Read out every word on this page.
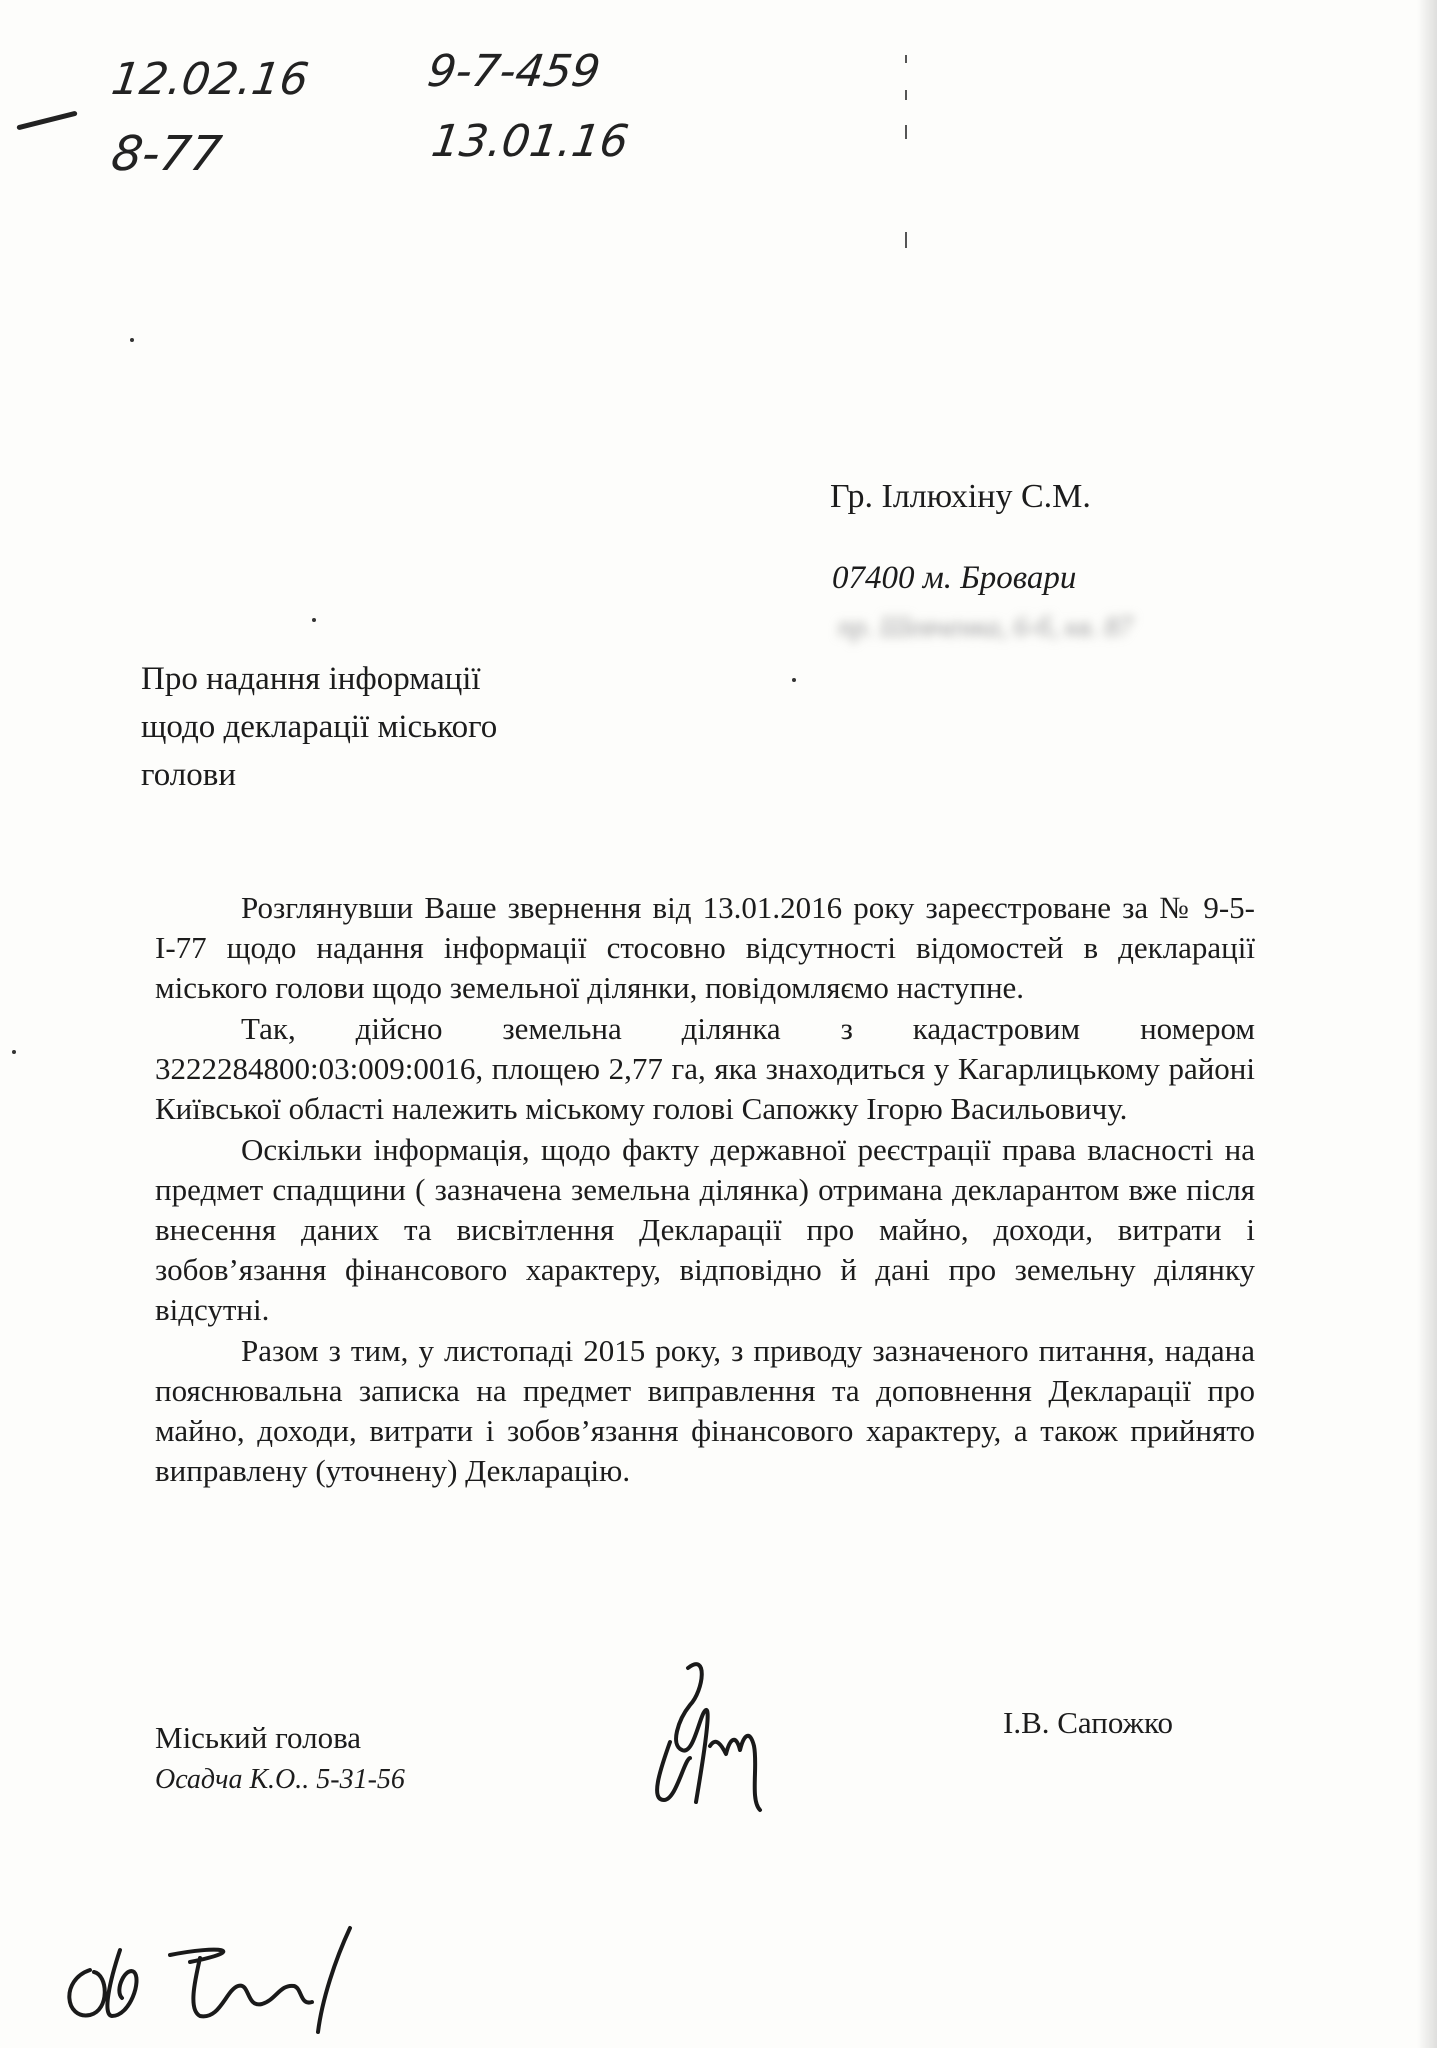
12.02.16
8-77
9-7-459
13.01.16
Гр. Іллюхіну С.М.
07400 м. Бровари
пр. Шевченка, 6-б, кв. 87
Про надання інформації щодо декларації міського голови

Розглянувши Ваше звернення від 13.01.2016 року зареєстроване за № 9-5-І-77 щодо надання інформації стосовно відсутності відомостей в декларації міського голови щодо земельної ділянки, повідомляємо наступне.

Так, дійсно земельна ділянка з кадастровим номером 3222284800:03:009:0016, площею 2,77 га, яка знаходиться у Кагарлицькому районі Київської області належить міському голові Сапожку Ігорю Васильовичу.

Оскільки інформація, щодо факту державної реєстрації права власності на предмет спадщини ( зазначена земельна ділянка) отримана декларантом вже після внесення даних та висвітлення Декларації про майно, доходи, витрати і зобов’язання фінансового характеру, відповідно й дані про земельну ділянку відсутні.

Разом з тим, у листопаді 2015 року, з приводу зазначеного питання, надана пояснювальна записка на предмет виправлення та доповнення Декларації про майно, доходи, витрати і зобов’язання фінансового характеру, а також прийнято виправлену (уточнену) Декларацію.

Міський голова
Осадча К.О.. 5-31-56
І.В. Сапожко
